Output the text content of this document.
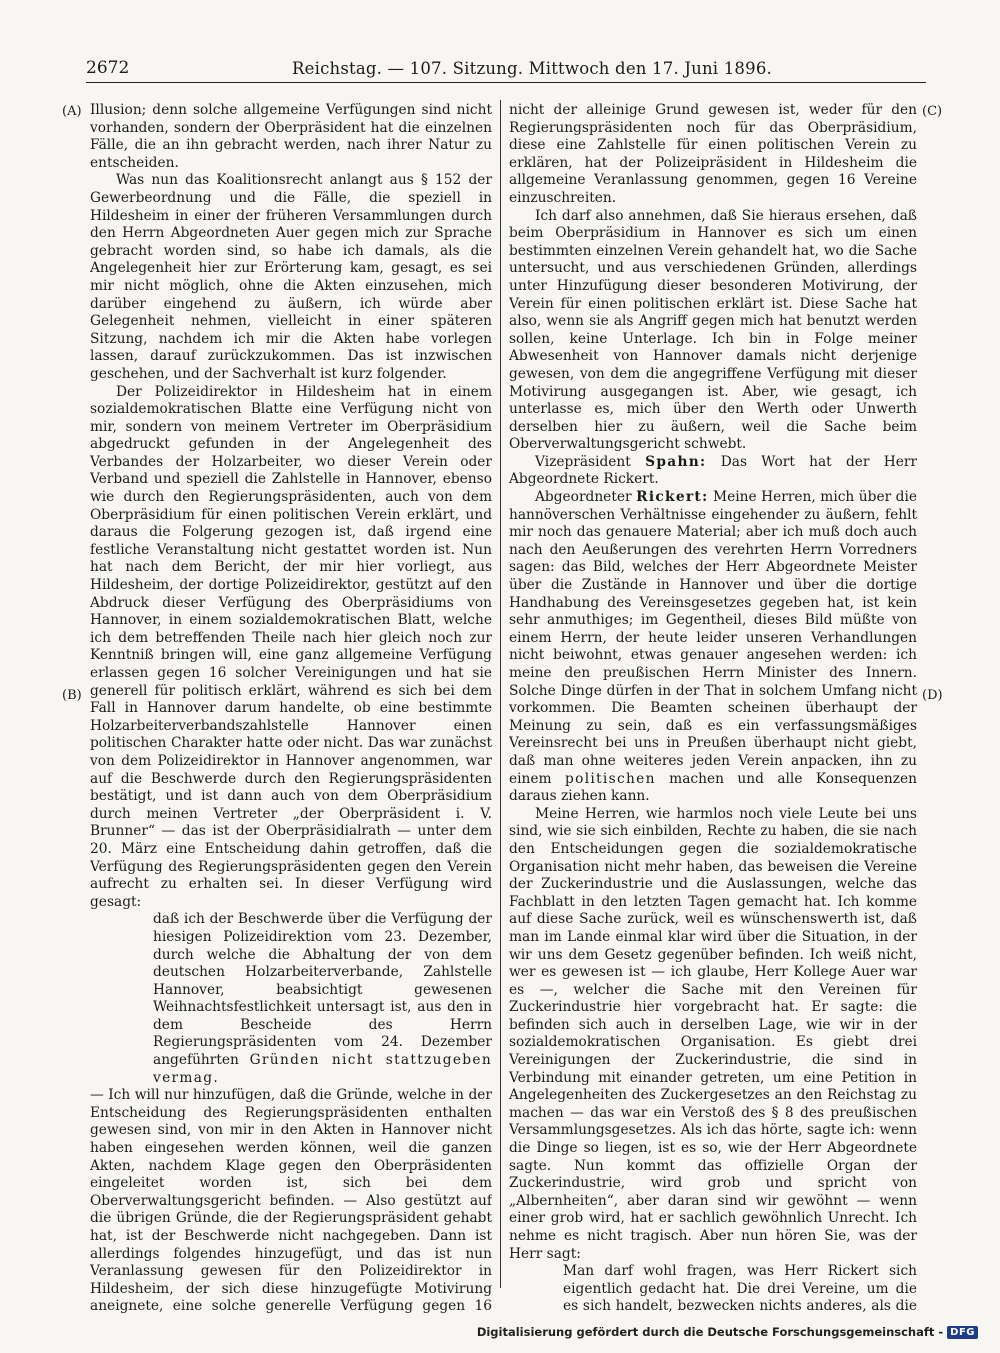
2672	Reichstag. — 107. Sitzung. Mittwoch den 17. Juni 1896.
(A)
(B)
(C)
(D)

Illusion; denn solche allgemeine Verfügungen sind nicht vorhanden, sondern der Oberpräsident hat die einzelnen Fälle, die an ihn gebracht werden, nach ihrer Natur zu entscheiden.

Was nun das Koalitionsrecht anlangt aus § 152 der Gewerbeordnung und die Fälle, die speziell in Hildesheim in einer der früheren Versammlungen durch den Herrn Abgeordneten Auer gegen mich zur Sprache gebracht worden sind, so habe ich damals, als die Angelegenheit hier zur Erörterung kam, gesagt, es sei mir nicht möglich, ohne die Akten einzusehen, mich darüber eingehend zu äußern, ich würde aber Gelegenheit nehmen, vielleicht in einer späteren Sitzung, nachdem ich mir die Akten habe vorlegen lassen, darauf zurückzukommen. Das ist inzwischen geschehen, und der Sachverhalt ist kurz folgender.

Der Polizeidirektor in Hildesheim hat in einem sozialdemokratischen Blatte eine Verfügung nicht von mir, sondern von meinem Vertreter im Oberpräsidium abgedruckt gefunden in der Angelegenheit des Verbandes der Holzarbeiter, wo dieser Verein oder Verband und speziell die Zahlstelle in Hannover, ebenso wie durch den Regierungspräsidenten, auch von dem Oberpräsidium für einen politischen Verein erklärt, und daraus die Folgerung gezogen ist, daß irgend eine festliche Veranstaltung nicht gestattet worden ist. Nun hat nach dem Bericht, der mir hier vorliegt, aus Hildesheim, der dortige Polizeidirektor, gestützt auf den Abdruck dieser Verfügung des Oberpräsidiums von Hannover, in einem sozialdemokratischen Blatt, welche ich dem betreffenden Theile nach hier gleich noch zur Kenntniß bringen will, eine ganz allgemeine Verfügung erlassen gegen 16 solcher Vereinigungen und hat sie generell für politisch erklärt, während es sich bei dem Fall in Hannover darum handelte, ob eine bestimmte Holzarbeiterverbandszahlstelle Hannover einen politischen Charakter hatte oder nicht. Das war zunächst von dem Polizeidirektor in Hannover angenommen, war auf die Beschwerde durch den Regierungspräsidenten bestätigt, und ist dann auch von dem Oberpräsidium durch meinen Vertreter „der Oberpräsident i. V. Brunner“ — das ist der Oberpräsidialrath — unter dem 20. März eine Entscheidung dahin getroffen, daß die Verfügung des Regierungspräsidenten gegen den Verein aufrecht zu erhalten sei. In dieser Verfügung wird gesagt:

daß ich der Beschwerde über die Verfügung der hiesigen Polizeidirektion vom 23. Dezember, durch welche die Abhaltung der von dem deutschen Holzarbeiterverbande, Zahlstelle Hannover, beabsichtigt gewesenen Weihnachtsfestlichkeit untersagt ist, aus den in dem Bescheide des Herrn Regierungspräsidenten vom 24. Dezember angeführten Gründen nicht stattzugeben vermag.

— Ich will nur hinzufügen, daß die Gründe, welche in der Entscheidung des Regierungspräsidenten enthalten gewesen sind, von mir in den Akten in Hannover nicht haben eingesehen werden können, weil die ganzen Akten, nachdem Klage gegen den Oberpräsidenten eingeleitet worden ist, sich bei dem Oberverwaltungsgericht befinden. — Also gestützt auf die übrigen Gründe, die der Regierungspräsident gehabt hat, ist der Beschwerde nicht nachgegeben. Dann ist allerdings folgendes hinzugefügt, und das ist nun Veranlassung gewesen für den Polizeidirektor in Hildesheim, der sich diese hinzugefügte Motivirung aneignete, eine solche generelle Verfügung gegen 16

nicht der alleinige Grund gewesen ist, weder für den Regierungspräsidenten noch für das Oberpräsidium, diese eine Zahlstelle für einen politischen Verein zu erklären, hat der Polizeipräsident in Hildesheim die allgemeine Veranlassung genommen, gegen 16 Vereine einzuschreiten.

Ich darf also annehmen, daß Sie hieraus ersehen, daß beim Oberpräsidium in Hannover es sich um einen bestimmten einzelnen Verein gehandelt hat, wo die Sache untersucht, und aus verschiedenen Gründen, allerdings unter Hinzufügung dieser besonderen Motivirung, der Verein für einen politischen erklärt ist. Diese Sache hat also, wenn sie als Angriff gegen mich hat benutzt werden sollen, keine Unterlage. Ich bin in Folge meiner Abwesenheit von Hannover damals nicht derjenige gewesen, von dem die angegriffene Verfügung mit dieser Motivirung ausgegangen ist. Aber, wie gesagt, ich unterlasse es, mich über den Werth oder Unwerth derselben hier zu äußern, weil die Sache beim Oberverwaltungsgericht schwebt.

Vizepräsident Spahn: Das Wort hat der Herr Abgeordnete Rickert.

Abgeordneter Rickert: Meine Herren, mich über die hannöverschen Verhältnisse eingehender zu äußern, fehlt mir noch das genauere Material; aber ich muß doch auch nach den Aeußerungen des verehrten Herrn Vorredners sagen: das Bild, welches der Herr Abgeordnete Meister über die Zustände in Hannover und über die dortige Handhabung des Vereinsgesetzes gegeben hat, ist kein sehr anmuthiges; im Gegentheil, dieses Bild müßte von einem Herrn, der heute leider unseren Verhandlungen nicht beiwohnt, etwas genauer angesehen werden: ich meine den preußischen Herrn Minister des Innern. Solche Dinge dürfen in der That in solchem Umfang nicht vorkommen. Die Beamten scheinen überhaupt der Meinung zu sein, daß es ein verfassungsmäßiges Vereinsrecht bei uns in Preußen überhaupt nicht giebt, daß man ohne weiteres jeden Verein anpacken, ihn zu einem politischen machen und alle Konsequenzen daraus ziehen kann.

Meine Herren, wie harmlos noch viele Leute bei uns sind, wie sie sich einbilden, Rechte zu haben, die sie nach den Entscheidungen gegen die sozialdemokratische Organisation nicht mehr haben, das beweisen die Vereine der Zuckerindustrie und die Auslassungen, welche das Fachblatt in den letzten Tagen gemacht hat. Ich komme auf diese Sache zurück, weil es wünschenswerth ist, daß man im Lande einmal klar wird über die Situation, in der wir uns dem Gesetz gegenüber befinden. Ich weiß nicht, wer es gewesen ist — ich glaube, Herr Kollege Auer war es —, welcher die Sache mit den Vereinen für Zuckerindustrie hier vorgebracht hat. Er sagte: die befinden sich auch in derselben Lage, wie wir in der sozialdemokratischen Organisation. Es giebt drei Vereinigungen der Zuckerindustrie, die sind in Verbindung mit einander getreten, um eine Petition in Angelegenheiten des Zuckergesetzes an den Reichstag zu machen — das war ein Verstoß des § 8 des preußischen Versammlungsgesetzes. Als ich das hörte, sagte ich: wenn die Dinge so liegen, ist es so, wie der Herr Abgeordnete sagte. Nun kommt das offizielle Organ der Zuckerindustrie, wird grob und spricht von „Albernheiten“, aber daran sind wir gewöhnt — wenn einer grob wird, hat er sachlich gewöhnlich Unrecht. Ich nehme es nicht tragisch. Aber nun hören Sie, was der Herr sagt:

Man darf wohl fragen, was Herr Rickert sich eigentlich gedacht hat. Die drei Vereine, um die es sich handelt, bezwecken nichts anderes, als die

Digitalisierung gefördert durch die Deutsche Forschungsgemeinschaft - DFG
